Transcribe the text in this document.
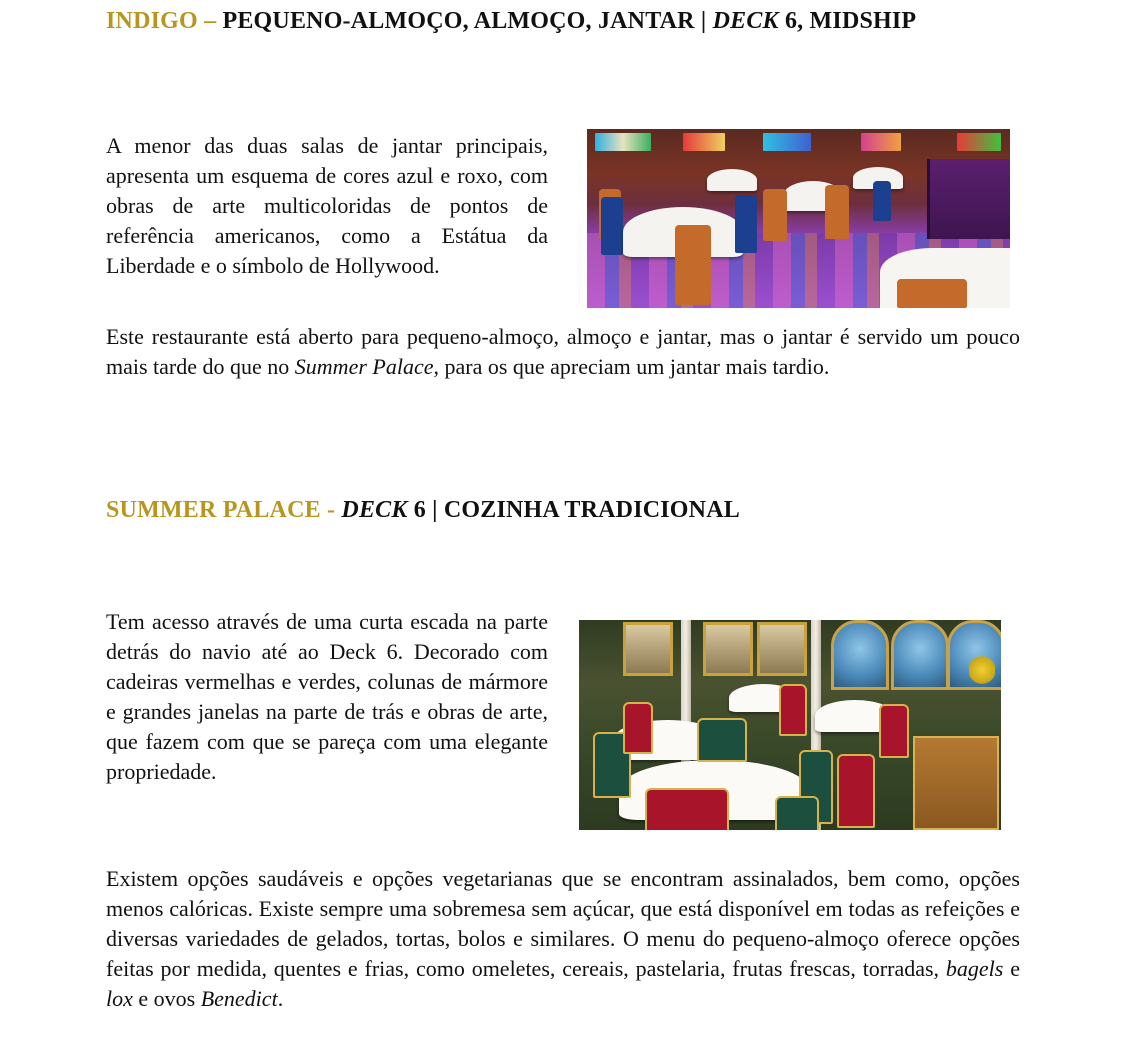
INDIGO – PEQUENO-ALMOÇO, ALMOÇO, JANTAR | DECK 6, MIDSHIP

A menor das duas salas de jantar principais, apresenta um esquema de cores azul e roxo, com obras de arte multicoloridas de pontos de referência americanos, como a Estátua da Liberdade e o símbolo de Hollywood.

Este restaurante está aberto para pequeno-almoço, almoço e jantar, mas o jantar é servido um pouco mais tarde do que no Summer Palace, para os que apreciam um jantar mais tardio.

SUMMER PALACE - DECK 6 | COZINHA TRADICIONAL

Tem acesso através de uma curta escada na parte detrás do navio até ao Deck 6. Decorado com cadeiras vermelhas e verdes, colunas de mármore e grandes janelas na parte de trás e obras de arte, que fazem com que se pareça com uma elegante propriedade.

Existem opções saudáveis e opções vegetarianas que se encontram assinalados, bem como, opções menos calóricas. Existe sempre uma sobremesa sem açúcar, que está disponível em todas as refeições e diversas variedades de gelados, tortas, bolos e similares. O menu do pequeno-almoço oferece opções feitas por medida, quentes e frias, como omeletes, cereais, pastelaria, frutas frescas, torradas, bagels e lox e ovos Benedict.
